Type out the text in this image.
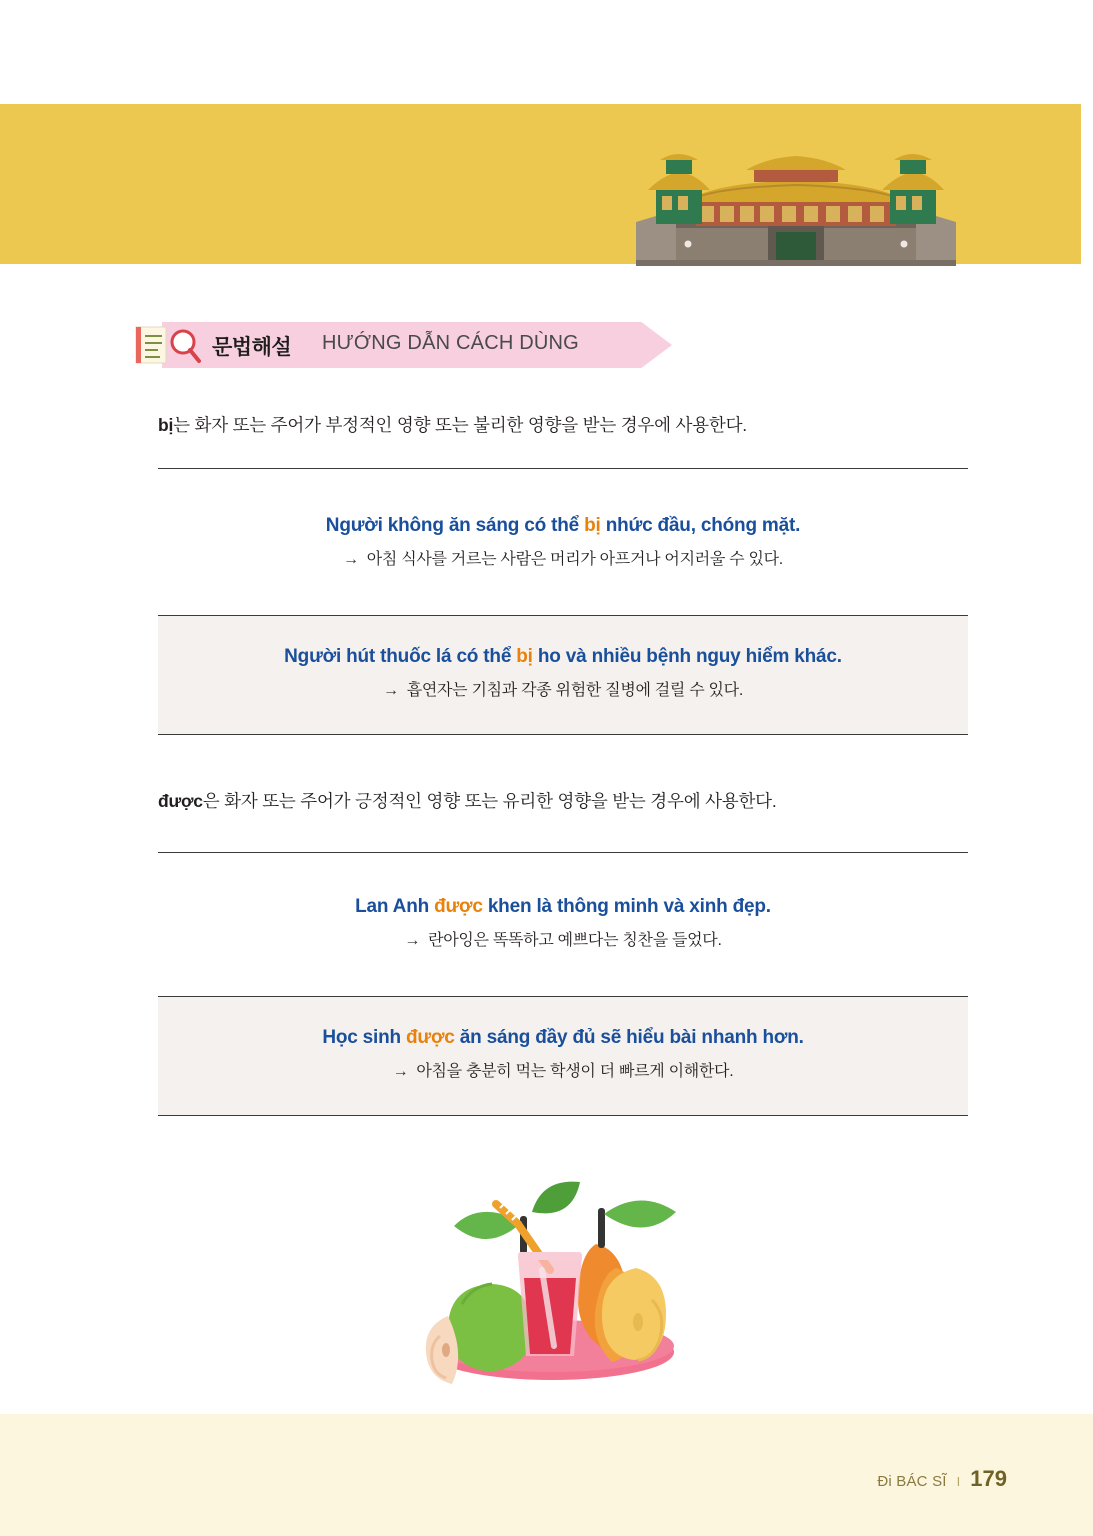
문법해설 HƯỚNG DẪN CÁCH DÙNG
bị는 화자 또는 주어가 부정적인 영향 또는 불리한 영향을 받는 경우에 사용한다.
Người không ăn sáng có thể bị nhức đầu, chóng mặt.
→ 아침 식사를 거르는 사람은 머리가 아프거나 어지러울 수 있다.
Người hút thuốc lá có thể bị ho và nhiều bệnh nguy hiểm khác.
→ 흡연자는 기침과 각종 위험한 질병에 걸릴 수 있다.
được은 화자 또는 주어가 긍정적인 영향 또는 유리한 영향을 받는 경우에 사용한다.
Lan Anh được khen là thông minh và xinh đẹp.
→ 란아잉은 똑똑하고 예쁘다는 칭찬을 들었다.
Học sinh được ăn sáng đầy đủ sẽ hiểu bài nhanh hơn.
→ 아침을 충분히 먹는 학생이 더 빠르게 이해한다.
Đi BÁC SĨ I 179
